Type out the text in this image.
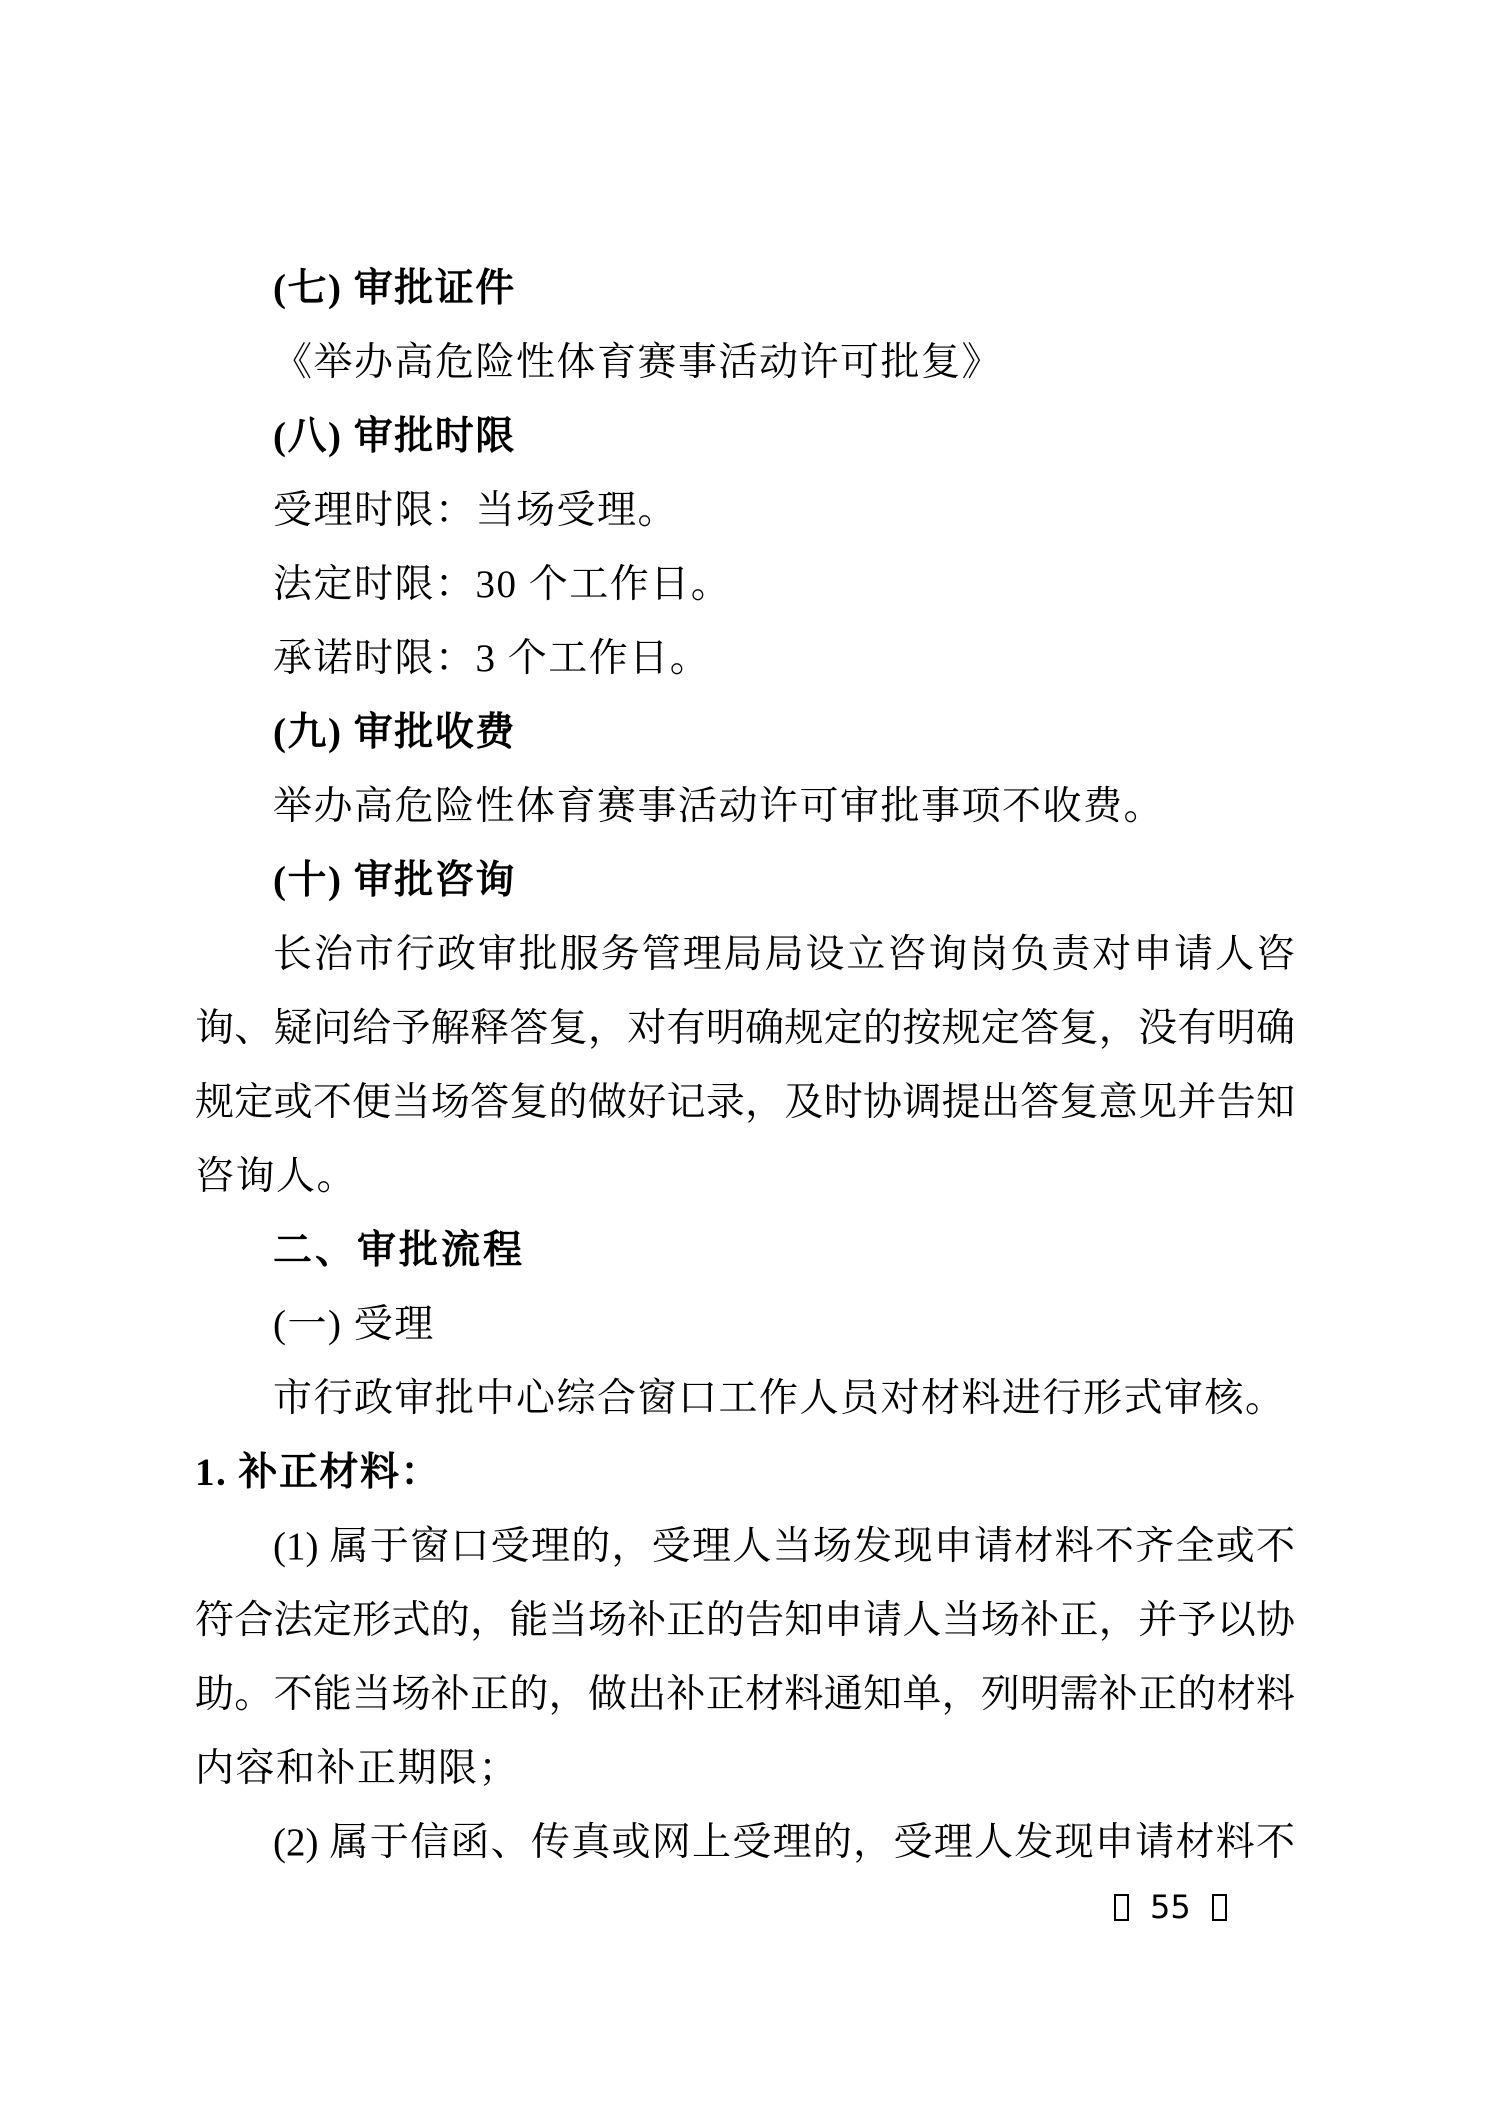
(七) 审批证件
《举办高危险性体育赛事活动许可批复》
(八) 审批时限
受理时限：当场受理。
法定时限：30 个工作日。
承诺时限：3 个工作日。
(九) 审批收费
举办高危险性体育赛事活动许可审批事项不收费。
(十) 审批咨询
长治市行政审批服务管理局局设立咨询岗负责对申请人咨
询、疑问给予解释答复，对有明确规定的按规定答复，没有明确
规定或不便当场答复的做好记录，及时协调提出答复意见并告知
咨询人。
二、审批流程
(一) 受理
市行政审批中心综合窗口工作人员对材料进行形式审核。
1. 补正材料：
(1) 属于窗口受理的，受理人当场发现申请材料不齐全或不
符合法定形式的，能当场补正的告知申请人当场补正，并予以协
助。不能当场补正的，做出补正材料通知单，列明需补正的材料
内容和补正期限；
(2) 属于信函、传真或网上受理的，受理人发现申请材料不
55
